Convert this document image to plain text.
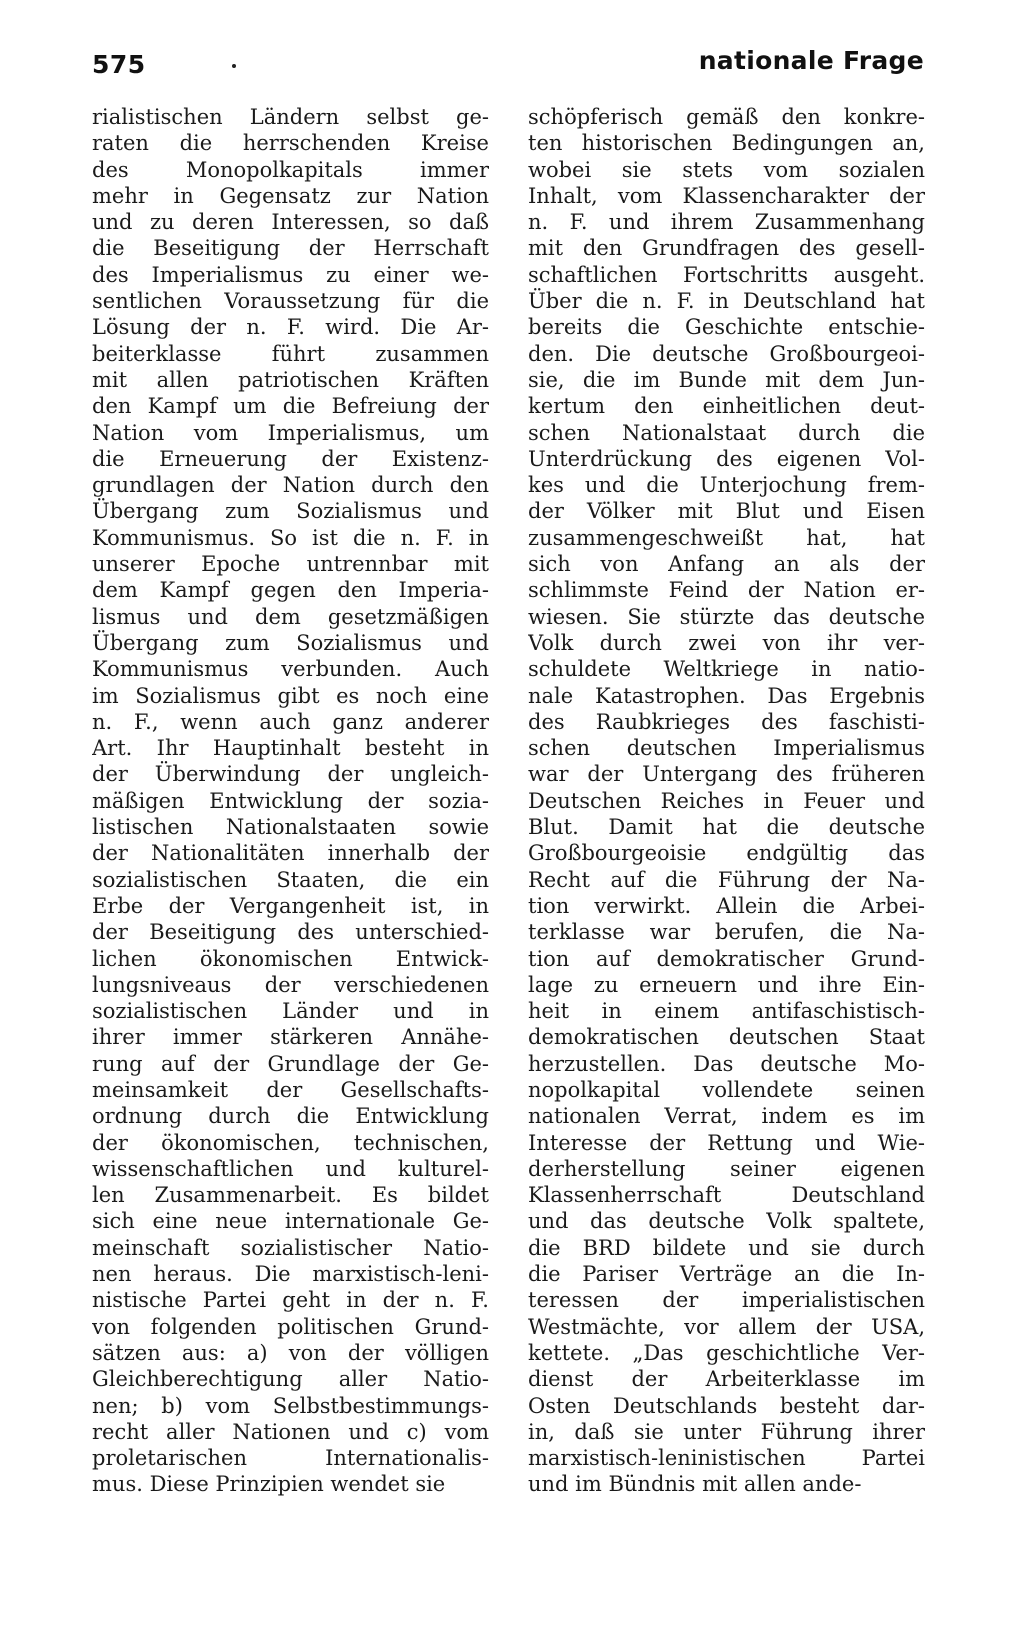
575	nationale Frage
rialistischen Ländern selbst ge-
raten die herrschenden Kreise
des Monopolkapitals immer
mehr in Gegensatz zur Nation
und zu deren Interessen, so daß
die Beseitigung der Herrschaft
des Imperialismus zu einer we-
sentlichen Voraussetzung für die
Lösung der n. F. wird. Die Ar-
beiterklasse führt zusammen
mit allen patriotischen Kräften
den Kampf um die Befreiung der
Nation vom Imperialismus, um
die Erneuerung der Existenz-
grundlagen der Nation durch den
Übergang zum Sozialismus und
Kommunismus. So ist die n. F. in
unserer Epoche untrennbar mit
dem Kampf gegen den Imperia-
lismus und dem gesetzmäßigen
Übergang zum Sozialismus und
Kommunismus verbunden. Auch
im Sozialismus gibt es noch eine
n. F., wenn auch ganz anderer
Art. Ihr Hauptinhalt besteht in
der Überwindung der ungleich-
mäßigen Entwicklung der sozia-
listischen Nationalstaaten sowie
der Nationalitäten innerhalb der
sozialistischen Staaten, die ein
Erbe der Vergangenheit ist, in
der Beseitigung des unterschied-
lichen ökonomischen Entwick-
lungsniveaus der verschiedenen
sozialistischen Länder und in
ihrer immer stärkeren Annähe-
rung auf der Grundlage der Ge-
meinsamkeit der Gesellschafts-
ordnung durch die Entwicklung
der ökonomischen, technischen,
wissenschaftlichen und kulturel-
len Zusammenarbeit. Es bildet
sich eine neue internationale Ge-
meinschaft sozialistischer Natio-
nen heraus. Die marxistisch-leni-
nistische Partei geht in der n. F.
von folgenden politischen Grund-
sätzen aus: a) von der völligen
Gleichberechtigung aller Natio-
nen; b) vom Selbstbestimmungs-
recht aller Nationen und c) vom
proletarischen Internationalis-
mus. Diese Prinzipien wendet sie
schöpferisch gemäß den konkre-
ten historischen Bedingungen an,
wobei sie stets vom sozialen
Inhalt, vom Klassencharakter der
n. F. und ihrem Zusammenhang
mit den Grundfragen des gesell-
schaftlichen Fortschritts ausgeht.
Über die n. F. in Deutschland hat
bereits die Geschichte entschie-
den. Die deutsche Großbourgeoi-
sie, die im Bunde mit dem Jun-
kertum den einheitlichen deut-
schen Nationalstaat durch die
Unterdrückung des eigenen Vol-
kes und die Unterjochung frem-
der Völker mit Blut und Eisen
zusammengeschweißt hat, hat
sich von Anfang an als der
schlimmste Feind der Nation er-
wiesen. Sie stürzte das deutsche
Volk durch zwei von ihr ver-
schuldete Weltkriege in natio-
nale Katastrophen. Das Ergebnis
des Raubkrieges des faschisti-
schen deutschen Imperialismus
war der Untergang des früheren
Deutschen Reiches in Feuer und
Blut. Damit hat die deutsche
Großbourgeoisie endgültig das
Recht auf die Führung der Na-
tion verwirkt. Allein die Arbei-
terklasse war berufen, die Na-
tion auf demokratischer Grund-
lage zu erneuern und ihre Ein-
heit in einem antifaschistisch-
demokratischen deutschen Staat
herzustellen. Das deutsche Mo-
nopolkapital vollendete seinen
nationalen Verrat, indem es im
Interesse der Rettung und Wie-
derherstellung seiner eigenen
Klassenherrschaft Deutschland
und das deutsche Volk spaltete,
die BRD bildete und sie durch
die Pariser Verträge an die In-
teressen der imperialistischen
Westmächte, vor allem der USA,
kettete. „Das geschichtliche Ver-
dienst der Arbeiterklasse im
Osten Deutschlands besteht dar-
in, daß sie unter Führung ihrer
marxistisch-leninistischen Partei
und im Bündnis mit allen ande-
